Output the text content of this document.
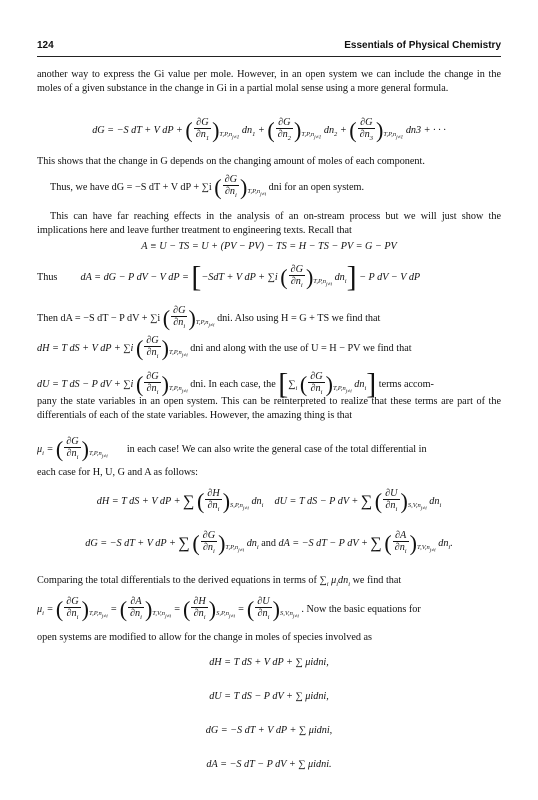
124	Essentials of Physical Chemistry

another way to express the Gi value per mole. However, in an open system we can include the change in the moles of a given substance in the change in Gi in a partial molal sense using a more general formula.

dG = −S dT + V dP + ( $\frac{\partial G}{\partial n_1} )_{T,P,n_{j\ne 1}}$ $dn_1$ + ( $\frac{\partial G}{\partial n_2} )_{T,P,n_{j\ne 1}}$ $dn_2$ + ( $\frac{\partial G}{\partial n_3} )_{T,P,n_{j\ne 1}}$ dn3 + · · ·

This shows that the change in G depends on the changing amount of moles of each component.

Thus, we have dG = −S dT + V dP + ∑i ( $\frac{\partial G}{\partial n_i} )_{T,P,n_{j\ne i}}$ dni for an open system.

This can have far reaching effects in the analysis of an on-stream process but we will just show the implications here and leave further treatment to engineering texts. Recall that

A ≡ U − TS = U + (PV − PV) − TS = H − TS − PV = G − PV
Thus dA = dG − P dV − V dP = [−SdT + V dP + ∑i ( $\frac{\partial G}{\partial n_i} )_{T,P,n_{j\ne i}}$ $dn_i] - P$ dV − V dP
Then dA = −S dT − P dV + ∑i ( $\frac{\partial G}{\partial n_i} )_{T,P,n_{j\ne i}}$ dni. Also using H = G + TS we find that
dH = T dS + V dP + ∑i ( $\frac{\partial G}{\partial n_i} )_{T,P,n_{j\ne i}}$ dni and along with the use of U = H − PV we find that
dU = T dS − P dV + ∑i ( $\frac{\partial G}{\partial n_i} )_{T,P,n_{j\ne i}}$ dni. In each case, the [$\sum_i$ ( $\frac{\partial G}{\partial n_i} )_{T,P,n_{j\ne i}}$ $dn_i$] terms accom-

pany the state variables in an open system. This can be reinterpreted to realize that these terms are part of the differentials of each of the state variables. However, the amazing thing is that

$\mu_i$ = ( $\frac{\partial G}{\partial n_i} )_{T,P,n_{j\ne i}}$  in each case! We can also write the general case of the total differential in

each case for H, U, G and A as follows:

dH = T dS + V dP + ∑ ( $\frac{\partial H}{\partial n_i} )_{S,P,n_{j\ne i}}$ $dn_i$ dU = T dS − P dV + ∑ ( $\frac{\partial U}{\partial n_i} )_{S,V,n_{j\ne i}}$ $dn_i$
dG = −S dT + V dP + ∑ ( $\frac{\partial G}{\partial n_i} )_{T,P,n_{j\ne i}}$ $dn_i$ and dA = −S dT − P dV + ∑ ( $\frac{\partial A}{\partial n_i} )_{T,V,n_{j\ne i}}$ $dn_i$.
Comparing the total differentials to the derived equations in terms of $\sum_i$ $\mu_idn_i$ we find that
$\mu_i$ = ( $\frac{\partial G}{\partial n_i} )_{T,P,n_{j\ne i}}$ = ( $\frac{\partial A}{\partial n_i} )_{T,V,n_{j\ne i}}$ = ( $\frac{\partial H}{\partial n_i} )_{S,P,n_{j\ne i}}$ = ( $\frac{\partial U}{\partial n_i} )_{S,V,n_{j\ne i}}$ . Now the basic equations for

open systems are modified to allow for the change in moles of species involved as

dH = T dS + V dP + ∑ μidni,
dU = T dS − P dV + ∑ μidni,
dG = −S dT + V dP + ∑ μidni,
dA = −S dT − P dV + ∑ μidni.
